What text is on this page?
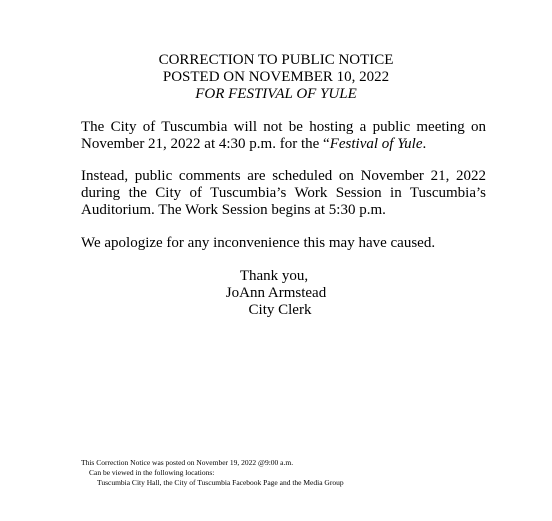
CORRECTION TO PUBLIC NOTICE
POSTED ON NOVEMBER 10, 2022
FOR FESTIVAL OF YULE
The City of Tuscumbia will not be hosting a public meeting on November 21, 2022 at 4:30 p.m. for the “Festival of Yule.
Instead, public comments are scheduled on November 21, 2022 during the City of Tuscumbia’s Work Session in Tuscumbia’s Auditorium. The Work Session begins at 5:30 p.m.
We apologize for any inconvenience this may have caused.
Thank you,
JoAnn Armstead
City Clerk
This Correction Notice was posted on November 19, 2022 @9:00 a.m.
Can be viewed in the following locations:
Tuscumbia City Hall, the City of Tuscumbia Facebook Page and the Media Group
